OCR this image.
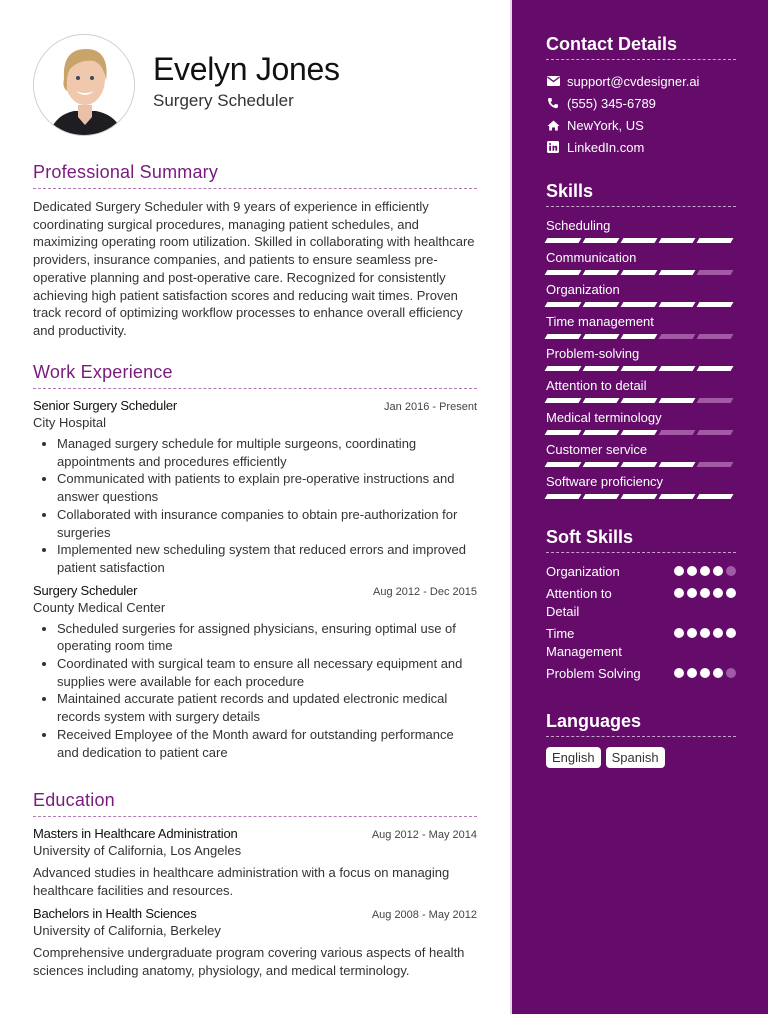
Evelyn Jones
Surgery Scheduler
Professional Summary
Dedicated Surgery Scheduler with 9 years of experience in efficiently coordinating surgical procedures, managing patient schedules, and maximizing operating room utilization. Skilled in collaborating with healthcare providers, insurance companies, and patients to ensure seamless pre-operative planning and post-operative care. Recognized for consistently achieving high patient satisfaction scores and reducing wait times. Proven track record of optimizing workflow processes to enhance overall efficiency and productivity.
Work Experience
Senior Surgery Scheduler	Jan 2016 - Present
City Hospital
• Managed surgery schedule for multiple surgeons, coordinating appointments and procedures efficiently
• Communicated with patients to explain pre-operative instructions and answer questions
• Collaborated with insurance companies to obtain pre-authorization for surgeries
• Implemented new scheduling system that reduced errors and improved patient satisfaction
Surgery Scheduler	Aug 2012 - Dec 2015
County Medical Center
• Scheduled surgeries for assigned physicians, ensuring optimal use of operating room time
• Coordinated with surgical team to ensure all necessary equipment and supplies were available for each procedure
• Maintained accurate patient records and updated electronic medical records system with surgery details
• Received Employee of the Month award for outstanding performance and dedication to patient care
Education
Masters in Healthcare Administration	Aug 2012 - May 2014
University of California, Los Angeles
Advanced studies in healthcare administration with a focus on managing healthcare facilities and resources.
Bachelors in Health Sciences	Aug 2008 - May 2012
University of California, Berkeley
Comprehensive undergraduate program covering various aspects of health sciences including anatomy, physiology, and medical terminology.
Contact Details
support@cvdesigner.ai
(555) 345-6789
NewYork, US
LinkedIn.com
Skills
Scheduling
Communication
Organization
Time management
Problem-solving
Attention to detail
Medical terminology
Customer service
Software proficiency
Soft Skills
Organization
Attention to Detail
Time Management
Problem Solving
Languages
English	Spanish
